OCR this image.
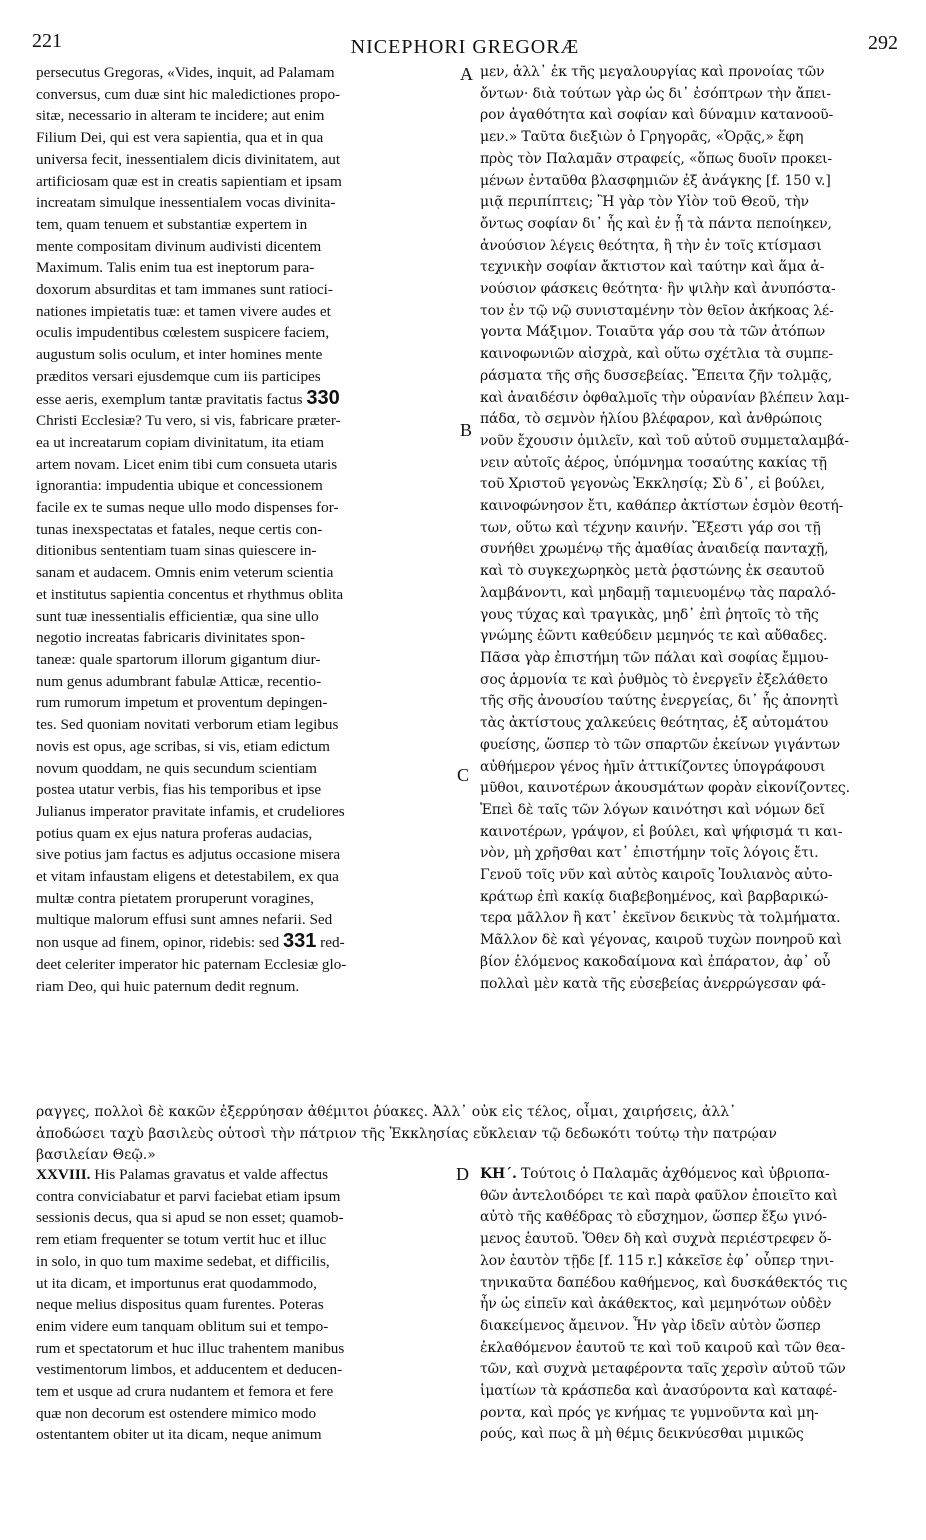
221	NICEPHORI GREGORÆ	292
A
B
C
D
persecutus Gregoras, «Vides, inquit, ad Palamam
conversus, cum duæ sint hic maledictiones propo-
sitæ, necessario in alteram te incidere; aut enim
Filium Dei, qui est vera sapientia, qua et in qua
universa fecit, inessentialem dicis divinitatem, aut
artificiosam quæ est in creatis sapientiam et ipsam
increatam simulque inessentialem vocas divinita-
tem, quam tenuem et substantiæ expertem in
mente compositam divinum audivisti dicentem
Maximum. Talis enim tua est ineptorum para-
doxorum absurditas et tam immanes sunt ratioci-
nationes impietatis tuæ: et tamen vivere audes et
oculis impudentibus cœlestem suspicere faciem,
augustum solis oculum, et inter homines mente
præditos versari ejusdemque cum iis participes
esse aeris, exemplum tantæ pravitatis factus 330
Christi Ecclesiæ? Tu vero, si vis, fabricare præter-
ea ut increatarum copiam divinitatum, ita etiam
artem novam. Licet enim tibi cum consueta utaris
ignorantia: impudentia ubique et concessionem
facile ex te sumas neque ullo modo dispenses for-
tunas inexspectatas et fatales, neque certis con-
ditionibus sententiam tuam sinas quiescere in-
sanam et audacem. Omnis enim veterum scientia
et institutus sapientia concentus et rhythmus oblita
sunt tuæ inessentialis efficientiæ, qua sine ullo
negotio increatas fabricaris divinitates spon-
taneæ: quale spartorum illorum gigantum diur-
num genus adumbrant fabulæ Atticæ, recentio-
rum rumorum impetum et proventum depingen-
tes. Sed quoniam novitati verborum etiam legibus
novis est opus, age scribas, si vis, etiam edictum
novum quoddam, ne quis secundum scientiam
postea utatur verbis, fias his temporibus et ipse
Julianus imperator pravitate infamis, et crudeliores
potius quam ex ejus natura proferas audacias,
sive potius jam factus es adjutus occasione misera
et vitam infaustam eligens et detestabilem, ex qua
multæ contra pietatem proruperunt voragines,
multique malorum effusi sunt amnes nefarii. Sed
non usque ad finem, opinor, ridebis: sed 331 red-
deet celeriter imperator hic paternam Ecclesiæ glo-
riam Deo, qui huic paternum dedit regnum.
μεν, ἀλλ᾽ ἐκ τῆς μεγαλουργίας καὶ προνοίας τῶν
ὄντων· διὰ τούτων γὰρ ὡς δι᾽ ἐσόπτρων τὴν ἄπει-
ρον ἀγαθότητα καὶ σοφίαν καὶ δύναμιν κατανοοῦ-
μεν.» Ταῦτα διεξιὼν ὁ Γρηγορᾶς, «Ὁρᾷς,» ἔφη
πρὸς τὸν Παλαμᾶν στραφείς, «ὅπως δυοῖν προκει-
μένων ἐνταῦθα βλασφημιῶν ἐξ ἀνάγκης [f. 150 v.]
μιᾷ περιπίπτεις; Ἢ γὰρ τὸν Υἱὸν τοῦ Θεοῦ, τὴν
ὄντως σοφίαν δι᾽ ἧς καὶ ἐν ᾗ τὰ πάντα πεποίηκεν,
ἀνούσιον λέγεις θεότητα, ἢ τὴν ἐν τοῖς κτίσμασι
τεχνικὴν σοφίαν ἄκτιστον καὶ ταύτην καὶ ἅμα ἀ-
νούσιον φάσκεις θεότητα· ἣν ψιλὴν καὶ ἀνυπόστα-
τον ἐν τῷ νῷ συνισταμένην τὸν θεῖον ἀκήκοας λέ-
γοντα Μάξιμον. Τοιαῦτα γάρ σου τὰ τῶν ἀτόπων
καινοφωνιῶν αἰσχρὰ, καὶ οὕτω σχέτλια τὰ συμπε-
ράσματα τῆς σῆς δυσσεβείας. Ἔπειτα ζῆν τολμᾷς,
καὶ ἀναιδέσιν ὀφθαλμοῖς τὴν οὐρανίαν βλέπειν λαμ-
πάδα, τὸ σεμνὸν ἡλίου βλέφαρον, καὶ ἀνθρώποις
νοῦν ἔχουσιν ὁμιλεῖν, καὶ τοῦ αὐτοῦ συμμεταλαμβά-
νειν αὐτοῖς ἀέρος, ὑπόμνημα τοσαύτης κακίας τῇ
τοῦ Χριστοῦ γεγονὼς Ἐκκλησίᾳ; Σὺ δ᾽, εἰ βούλει,
καινοφώνησον ἔτι, καθάπερ ἀκτίστων ἐσμὸν θεοτή-
των, οὕτω καὶ τέχνην καινήν. Ἔξεστι γάρ σοι τῇ
συνήθει χρωμένῳ τῆς ἀμαθίας ἀναιδείᾳ πανταχῇ,
καὶ τὸ συγκεχωρηκὸς μετὰ ῥᾳστώνης ἐκ σεαυτοῦ
λαμβάνοντι, καὶ μηδαμῇ ταμιευομένῳ τὰς παραλό-
γους τύχας καὶ τραγικὰς, μηδ᾽ ἐπὶ ῥητοῖς τὸ τῆς
γνώμης ἐῶντι καθεύδειν μεμηνός τε καὶ αὔθαδες.
Πᾶσα γὰρ ἐπιστήμη τῶν πάλαι καὶ σοφίας ἔμμου-
σος ἁρμονία τε καὶ ῥυθμὸς τὸ ἐνεργεῖν ἐξελάθετο
τῆς σῆς ἀνουσίου ταύτης ἐνεργείας, δι᾽ ἧς ἀπονητὶ
τὰς ἀκτίστους χαλκεύεις θεότητας, ἐξ αὐτομάτου
φυείσης, ὥσπερ τὸ τῶν σπαρτῶν ἐκείνων γιγάντων
αὐθήμερον γένος ἡμῖν ἀττικίζοντες ὑπογράφουσι
μῦθοι, καινοτέρων ἀκουσμάτων φορὰν εἰκονίζοντες.
Ἐπεὶ δὲ ταῖς τῶν λόγων καινότησι καὶ νόμων δεῖ
καινοτέρων, γράψον, εἰ βούλει, καὶ ψήφισμά τι και-
νὸν, μὴ χρῆσθαι κατ᾽ ἐπιστήμην τοῖς λόγοις ἔτι.
Γενοῦ τοῖς νῦν καὶ αὐτὸς καιροῖς Ἰουλιανὸς αὐτο-
κράτωρ ἐπὶ κακίᾳ διαβεβοημένος, καὶ βαρβαρικώ-
τερα μᾶλλον ἢ κατ᾽ ἐκεῖνον δεικνὺς τὰ τολμήματα.
Μᾶλλον δὲ καὶ γέγονας, καιροῦ τυχὼν πονηροῦ καὶ
βίον ἑλόμενος κακοδαίμονα καὶ ἐπάρατον, ἀφ᾽ οὗ
πολλαὶ μὲν κατὰ τῆς εὐσεβείας ἀνερρώγεσαν φά-
ραγγες, πολλοὶ δὲ κακῶν ἐξερρύησαν ἀθέμιτοι ῥύακες. Ἀλλ᾽ οὐκ εἰς τέλος, οἶμαι, χαιρήσεις, ἀλλ᾽
ἀποδώσει ταχὺ βασιλεὺς οὑτοσὶ τὴν πάτριον τῆς Ἐκκλησίας εὔκλειαν τῷ δεδωκότι τούτῳ τὴν πατρῴαν
βασιλείαν Θεῷ.»
XXVIII. His Palamas gravatus et valde affectus
contra conviciabatur et parvi faciebat etiam ipsum
sessionis decus, qua si apud se non esset; quamob-
rem etiam frequenter se totum vertit huc et illuc
in solo, in quo tum maxime sedebat, et difficilis,
ut ita dicam, et importunus erat quodammodo,
neque melius dispositus quam furentes. Poteras
enim videre eum tanquam oblitum sui et tempo-
rum et spectatorum et huc illuc trahentem manibus
vestimentorum limbos, et adducentem et deducen-
tem et usque ad crura nudantem et femora et fere
quæ non decorum est ostendere mimico modo
ostentantem obiter ut ita dicam, neque animum
ΚΗ΄. Τούτοις ὁ Παλαμᾶς ἀχθόμενος καὶ ὑβριοπα-
θῶν ἀντελοιδόρει τε καὶ παρὰ φαῦλον ἐποιεῖτο καὶ
αὐτὸ τῆς καθέδρας τὸ εὔσχημον, ὥσπερ ἔξω γινό-
μενος ἑαυτοῦ. Ὅθεν δὴ καὶ συχνὰ περιέστρεφεν ὅ-
λον ἑαυτὸν τῇδε [f. 115 r.] κἀκεῖσε ἐφ᾽ οὗπερ τηνι-
τηνικαῦτα δαπέδου καθήμενος, καὶ δυσκάθεκτός τις
ἦν ὡς εἰπεῖν καὶ ἀκάθεκτος, καὶ μεμηνότων οὐδὲν
διακείμενος ἄμεινον. Ἦν γὰρ ἰδεῖν αὐτὸν ὥσπερ
ἐκλαθόμενον ἑαυτοῦ τε καὶ τοῦ καιροῦ καὶ τῶν θεα-
τῶν, καὶ συχνὰ μεταφέροντα ταῖς χερσὶν αὐτοῦ τῶν
ἱματίων τὰ κράσπεδα καὶ ἀνασύροντα καὶ καταφέ-
ροντα, καὶ πρός γε κνήμας τε γυμνοῦντα καὶ μη-
ρούς, καὶ πως ἃ μὴ θέμις δεικνύεσθαι μιμικῶς
